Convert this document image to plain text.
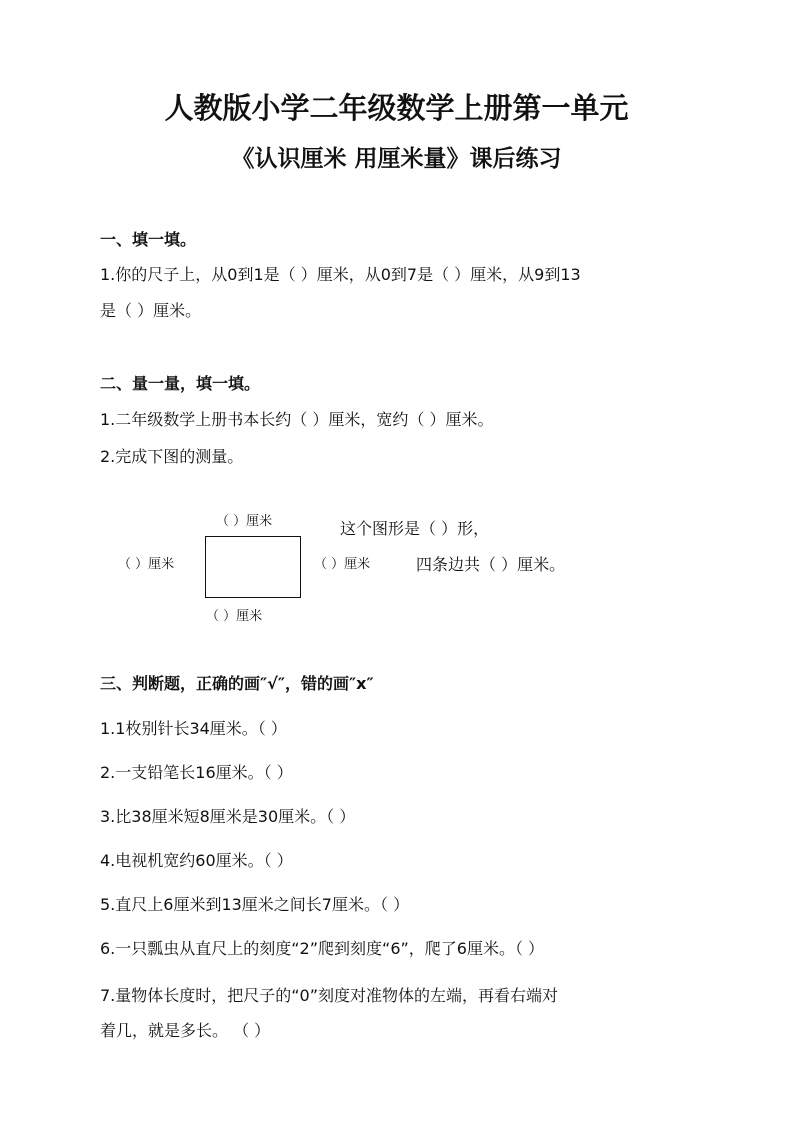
人教版小学二年级数学上册第一单元
《认识厘米 用厘米量》课后练习
一、填一填。
1.你的尺子上，从0到1是（ ）厘米，从0到7是（ ）厘米，从9到13
是（ ）厘米。
二、量一量，填一填。
1.二年级数学上册书本长约（ ）厘米，宽约（ ）厘米。
2.完成下图的测量。
（ ）厘米
（ ）厘米	（ ）厘米
（ ）厘米
这个图形是（ ）形，
四条边共（ ）厘米。
三、判断题，正确的画″√″，错的画″x″
1.1枚别针长34厘米。（ ）
2.一支铅笔长16厘米。（ ）
3.比38厘米短8厘米是30厘米。（ ）
4.电视机宽约60厘米。（ ）
5.直尺上6厘米到13厘米之间长7厘米。（ ）
6.一只瓢虫从直尺上的刻度“2”爬到刻度“6”，爬了6厘米。（ ）
7.量物体长度时，把尺子的“0”刻度对准物体的左端，再看右端对
着几，就是多长。 （ ）
